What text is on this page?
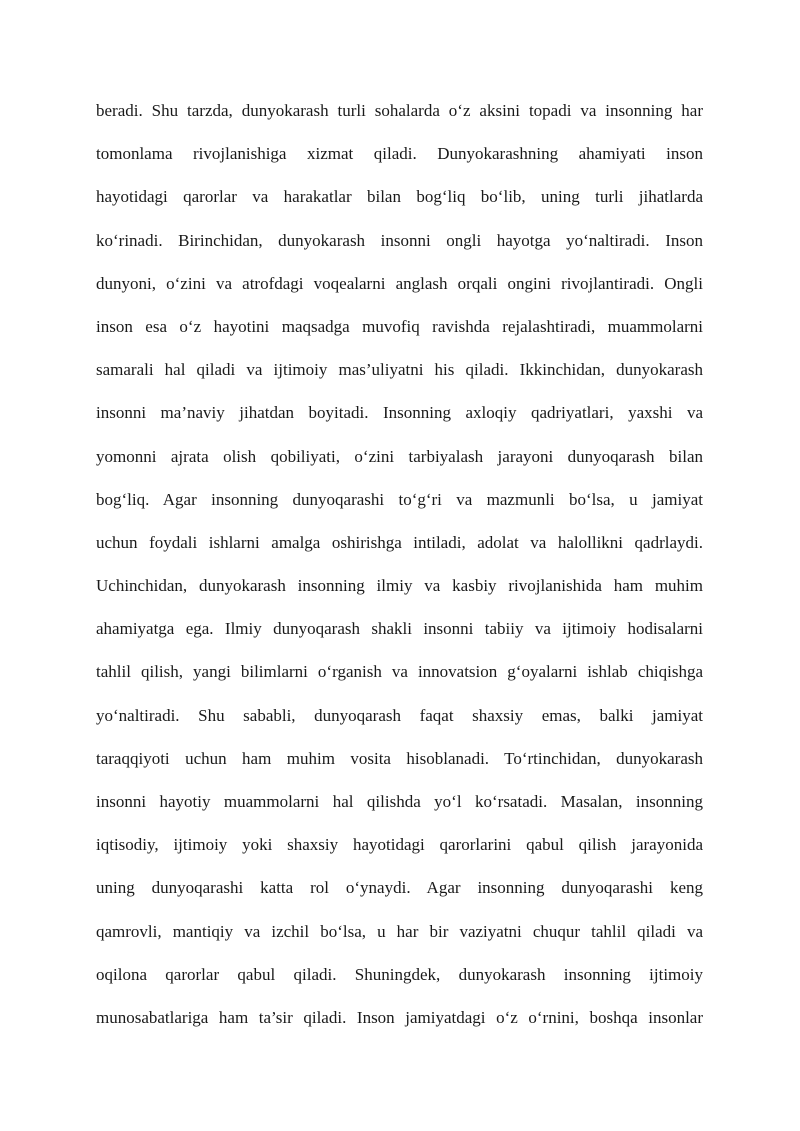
beradi. Shu tarzda, dunyokarash turli sohalarda o‘z aksini topadi va insonning har
tomonlama rivojlanishiga xizmat qiladi. Dunyokarashning ahamiyati inson
hayotidagi qarorlar va harakatlar bilan bog‘liq bo‘lib, uning turli jihatlarda
ko‘rinadi. Birinchidan, dunyokarash insonni ongli hayotga yo‘naltiradi. Inson
dunyoni, o‘zini va atrofdagi voqealarni anglash orqali ongini rivojlantiradi. Ongli
inson esa o‘z hayotini maqsadga muvofiq ravishda rejalashtiradi, muammolarni
samarali hal qiladi va ijtimoiy mas’uliyatni his qiladi. Ikkinchidan, dunyokarash
insonni ma’naviy jihatdan boyitadi. Insonning axloqiy qadriyatlari, yaxshi va
yomonni ajrata olish qobiliyati, o‘zini tarbiyalash jarayoni dunyoqarash bilan
bog‘liq. Agar insonning dunyoqarashi to‘g‘ri va mazmunli bo‘lsa, u jamiyat
uchun foydali ishlarni amalga oshirishga intiladi, adolat va halollikni qadrlaydi.
Uchinchidan, dunyokarash insonning ilmiy va kasbiy rivojlanishida ham muhim
ahamiyatga ega. Ilmiy dunyoqarash shakli insonni tabiiy va ijtimoiy hodisalarni
tahlil qilish, yangi bilimlarni o‘rganish va innovatsion g‘oyalarni ishlab chiqishga
yo‘naltiradi. Shu sababli, dunyoqarash faqat shaxsiy emas, balki jamiyat
taraqqiyoti uchun ham muhim vosita hisoblanadi. To‘rtinchidan, dunyokarash
insonni hayotiy muammolarni hal qilishda yo‘l ko‘rsatadi. Masalan, insonning
iqtisodiy, ijtimoiy yoki shaxsiy hayotidagi qarorlarini qabul qilish jarayonida
uning dunyoqarashi katta rol o‘ynaydi. Agar insonning dunyoqarashi keng
qamrovli, mantiqiy va izchil bo‘lsa, u har bir vaziyatni chuqur tahlil qiladi va
oqilona qarorlar qabul qiladi. Shuningdek, dunyokarash insonning ijtimoiy
munosabatlariga ham ta’sir qiladi. Inson jamiyatdagi o‘z o‘rnini, boshqa insonlar
